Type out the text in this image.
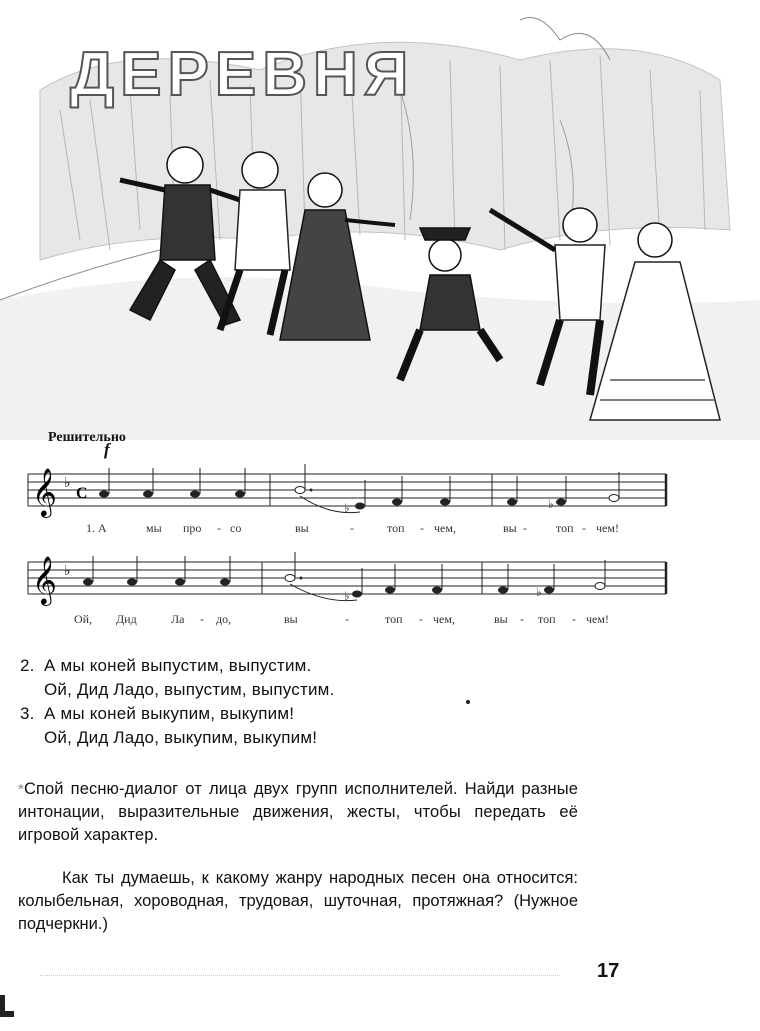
ДЕРЕВНЯ
Решительно
f
𝄞 ♭
C
♭	♭
1. А	мы про - со	вы	-	топ - чем,	вы - топ - чем!
𝄞 ♭
♭	♭
Ой, Дид	Ла - до,	вы	-	топ - чем,	вы - топ - чем!
2. А мы коней выпустим, выпустим.
Ой, Дид Ладо, выпустим, выпустим.
3. А мы коней выкупим, выкупим!
Ой, Дид Ладо, выкупим, выкупим!
*Спой песню-диалог от лица двух групп исполнителей. Найди разные интонации, выразительные движения, жесты, чтобы передать её игровой характер.
Как ты думаешь, к какому жанру народных песен она относится: колыбельная, хороводная, трудовая, шуточная, протяжная? (Нужное подчеркни.)
17
